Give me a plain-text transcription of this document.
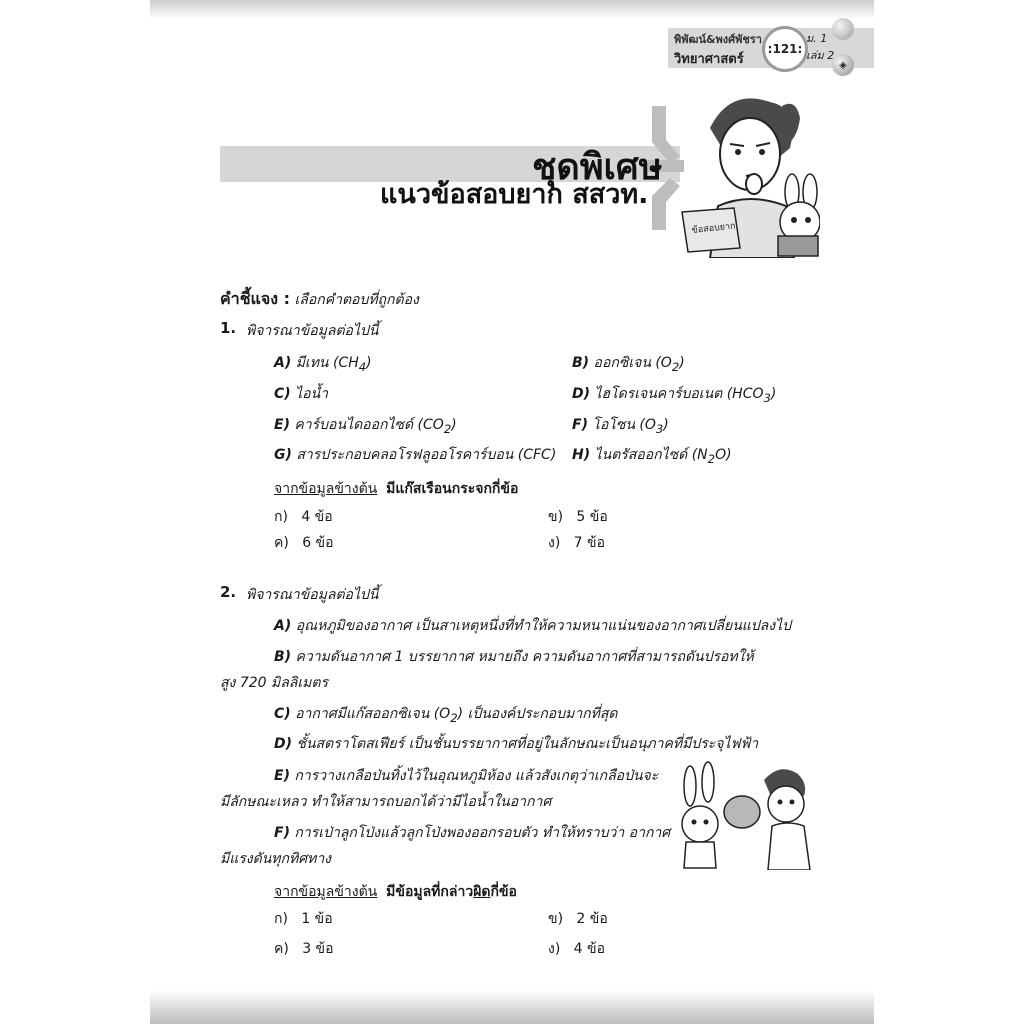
พิพัฒน์&พงศ์พัชรา
วิทยาศาสตร์
:121:
◈
ม. 1
เล่ม 2
ชุดพิเศษ
แนวข้อสอบยาก สสวท.
ข้อสอบยาก
คำชี้แจง : เลือกคำตอบที่ถูกต้อง
1. พิจารณาข้อมูลต่อไปนี้
A) มีเทน $(CH_4)$	B) ออกซิเจน $(O_2)$
C) ไอน้ำ	D) ไฮโดรเจนคาร์บอเนต $(HCO_3)$
E) คาร์บอนไดออกไซด์ $(CO_2)$	F) โอโซน $(O_3)$
G) สารประกอบคลอโรฟลูออโรคาร์บอน (CFC) H) ไนตรัสออกไซด์ $(N_2O)$
จากข้อมูลข้างต้น มีแก๊สเรือนกระจกกี่ข้อ
ก) 4 ข้อ	ข) 5 ข้อ
ค) 6 ข้อ	ง) 7 ข้อ
2. พิจารณาข้อมูลต่อไปนี้
A) อุณหภูมิของอากาศ เป็นสาเหตุหนึ่งที่ทำให้ความหนาแน่นของอากาศเปลี่ยนแปลงไป
B) ความดันอากาศ 1 บรรยากาศ หมายถึง ความดันอากาศที่สามารถดันปรอทให้
สูง 720 มิลลิเมตร
C) อากาศมีแก๊สออกซิเจน $(O_2)$ เป็นองค์ประกอบมากที่สุด
D) ชั้นสตราโตสเฟียร์ เป็นชั้นบรรยากาศที่อยู่ในลักษณะเป็นอนุภาคที่มีประจุไฟฟ้า
E) การวางเกลือป่นทิ้งไว้ในอุณหภูมิห้อง แล้วสังเกตุว่าเกลือป่นจะ
มีลักษณะเหลว ทำให้สามารถบอกได้ว่ามีไอน้ำในอากาศ
F) การเป่าลูกโป่งแล้วลูกโป่งพองออกรอบตัว ทำให้ทราบว่า อากาศ
มีแรงดันทุกทิศทาง
จากข้อมูลข้างต้น มีข้อมูลที่กล่าวผิดกี่ข้อ
ก) 1 ข้อ	ข) 2 ข้อ
ค) 3 ข้อ	ง) 4 ข้อ
